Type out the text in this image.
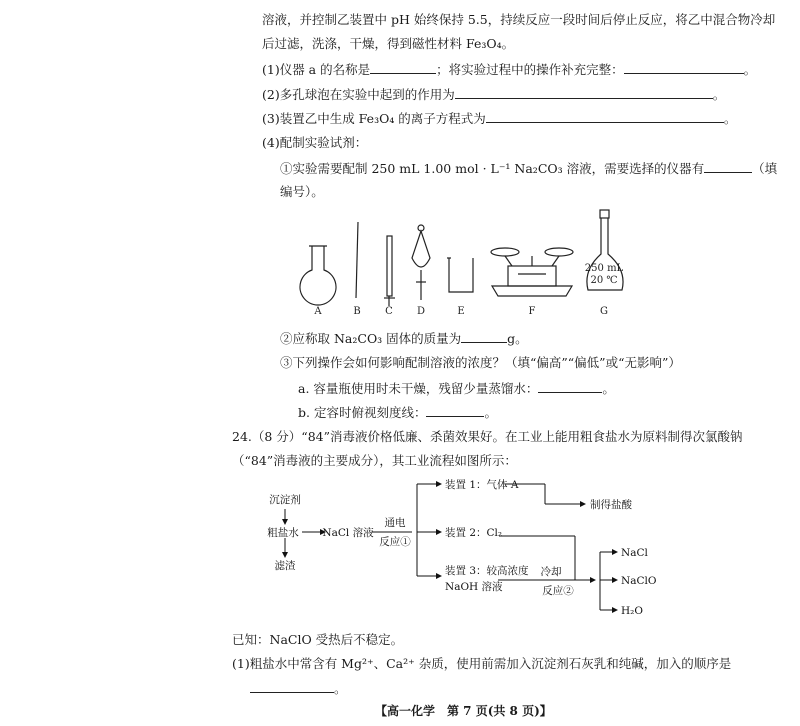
溶液，并控制乙装置中 pH 始终保持 5.5，持续反应一段时间后停止反应，将乙中混合物冷却
后过滤，洗涤，干燥，得到磁性材料 Fe₃O₄。
(1)仪器 a 的名称是	；将实验过程中的操作补充完整：	。
(2)多孔球泡在实验中起到的作用为	。
(3)装置乙中生成 Fe₃O₄ 的离子方程式为	。
(4)配制实验试剂：
①实验需要配制 250 mL 1.00 mol · L⁻¹ Na₂CO₃ 溶液，需要选择的仪器有	（填
编号）。
250 mL
20 ℃
A	B C D	E	F	G
沉淀剂
粗盐水
滤渣
NaCl 溶液
通电
反应①
装置 1：气体 A
装置 2：Cl₂
装置 3：较高浓度
NaOH 溶液
制得盐酸
冷却
反应②
NaCl
NaClO
H₂O
②应称取 Na₂CO₃ 固体的质量为	g。
③下列操作会如何影响配制溶液的浓度？（填“偏高”“偏低”或“无影响”）
a. 容量瓶使用时未干燥，残留少量蒸馏水：	。
b. 定容时俯视刻度线：	。
24.（8 分）“84”消毒液价格低廉、杀菌效果好。在工业上能用粗食盐水为原料制得次氯酸钠
（“84”消毒液的主要成分），其工业流程如图所示：
已知：NaClO 受热后不稳定。
(1)粗盐水中常含有 Mg²⁺、Ca²⁺ 杂质，使用前需加入沉淀剂石灰乳和纯碱，加入的顺序是
。
【高一化学　第 7 页(共 8 页)】
